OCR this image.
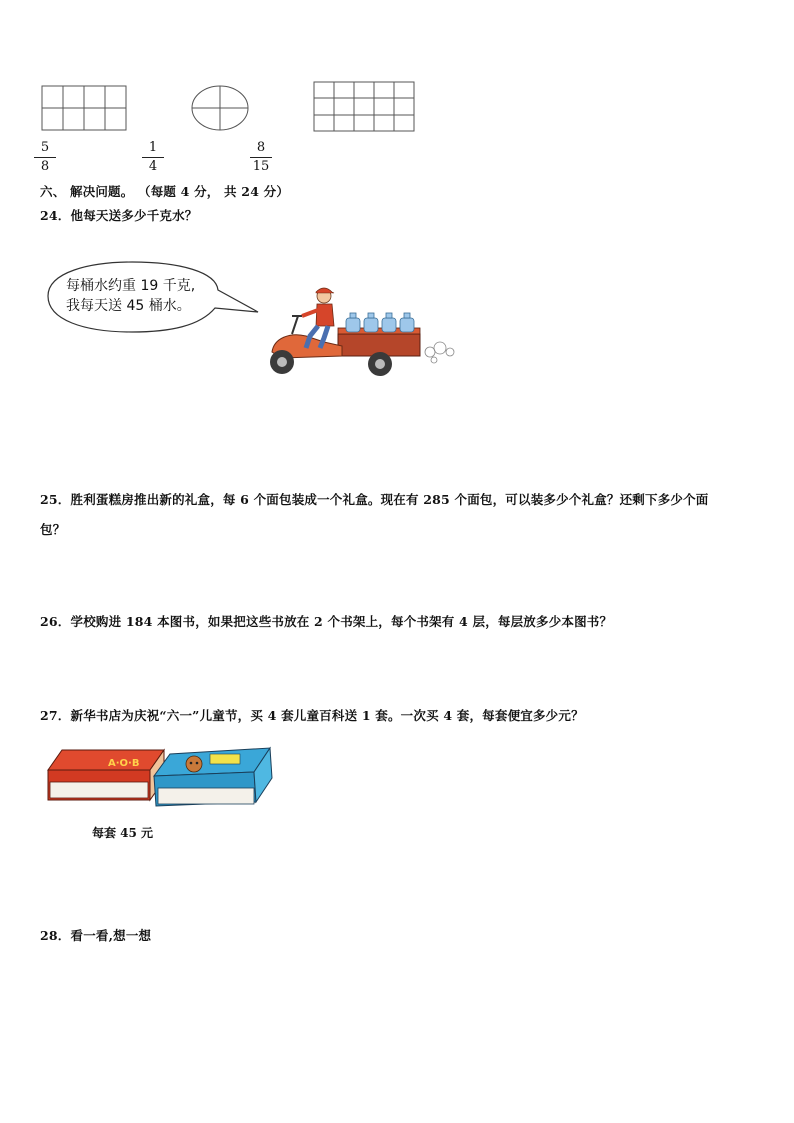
5
8
1
4
8
15
六、 解决问题。 （每题 4 分， 共 24 分）
24．他每天送多少千克水？
每桶水约重 19 千克,
我每天送 45 桶水。
25．胜利蛋糕房推出新的礼盒，每 6 个面包装成一个礼盒。现在有 285 个面包，可以装多少个礼盒？还剩下多少个面
包？
26．学校购进 184 本图书，如果把这些书放在 2 个书架上，每个书架有 4 层，每层放多少本图书？
27．新华书店为庆祝“六一”儿童节，买 4 套儿童百科送 1 套。一次买 4 套，每套便宜多少元？
A·O·B
每套 45 元
28．看一看,想一想
